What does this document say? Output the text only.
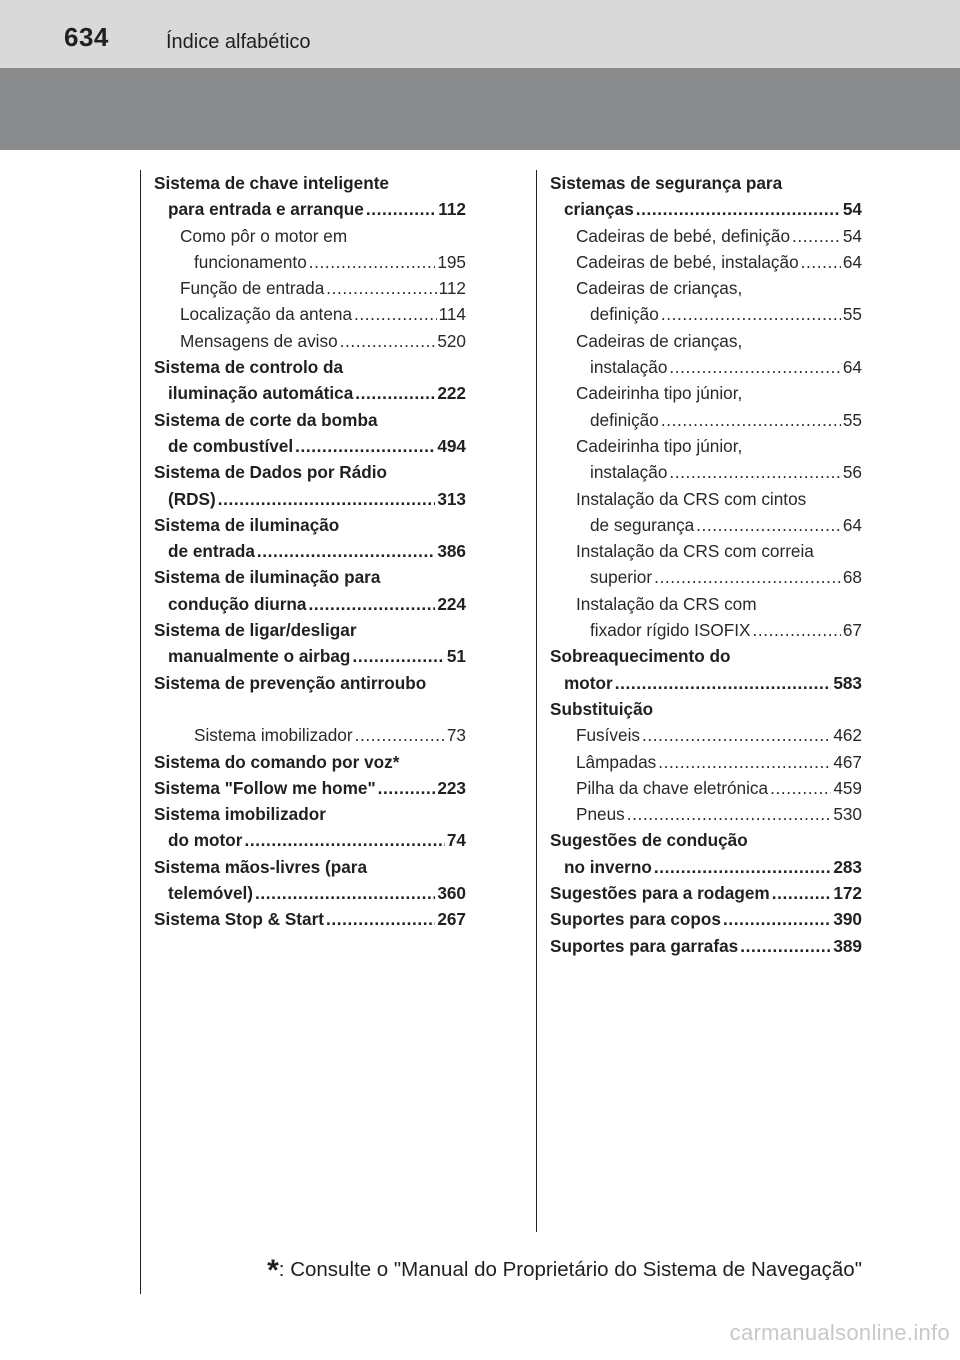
634	Índice alfabético
Sistema de chave inteligente
para entrada e arranque .....	112
Como pôr o motor em
funcionamento .....	195
Função de entrada .....	112
Localização da antena .....	114
Mensagens de aviso .....	520
Sistema de controlo da
iluminação automática .....	222
Sistema de corte da bomba
de combustível .....	494
Sistema de Dados por Rádio
(RDS) .....	313
Sistema de iluminação
de entrada .....	386
Sistema de iluminação para
condução diurna .....	224
Sistema de ligar/desligar
manualmente o airbag .....	51
Sistema de prevenção antirroubo
Sistema imobilizador .....	73
Sistema do comando por voz*
Sistema "Follow me home" .....	223
Sistema imobilizador
do motor .....	74
Sistema mãos-livres (para
telemóvel) .....	360
Sistema Stop & Start .....	267
Sistemas de segurança para
crianças .....	54
Cadeiras de bebé, definição .....	54
Cadeiras de bebé, instalação .....	64
Cadeiras de crianças,
definição .....	55
Cadeiras de crianças,
instalação .....	64
Cadeirinha tipo júnior,
definição .....	55
Cadeirinha tipo júnior,
instalação .....	56
Instalação da CRS com cintos
de segurança .....	64
Instalação da CRS com correia
superior .....	68
Instalação da CRS com
fixador rígido ISOFIX .....	67
Sobreaquecimento do
motor .....	583
Substituição
Fusíveis .....	462
Lâmpadas .....	467
Pilha da chave eletrónica .....	459
Pneus .....	530
Sugestões de condução
no inverno .....	283
Sugestões para a rodagem .....	172
Suportes para copos .....	390
Suportes para garrafas .....	389
*: Consulte o "Manual do Proprietário do Sistema de Navegação"
carmanualsonline.info
